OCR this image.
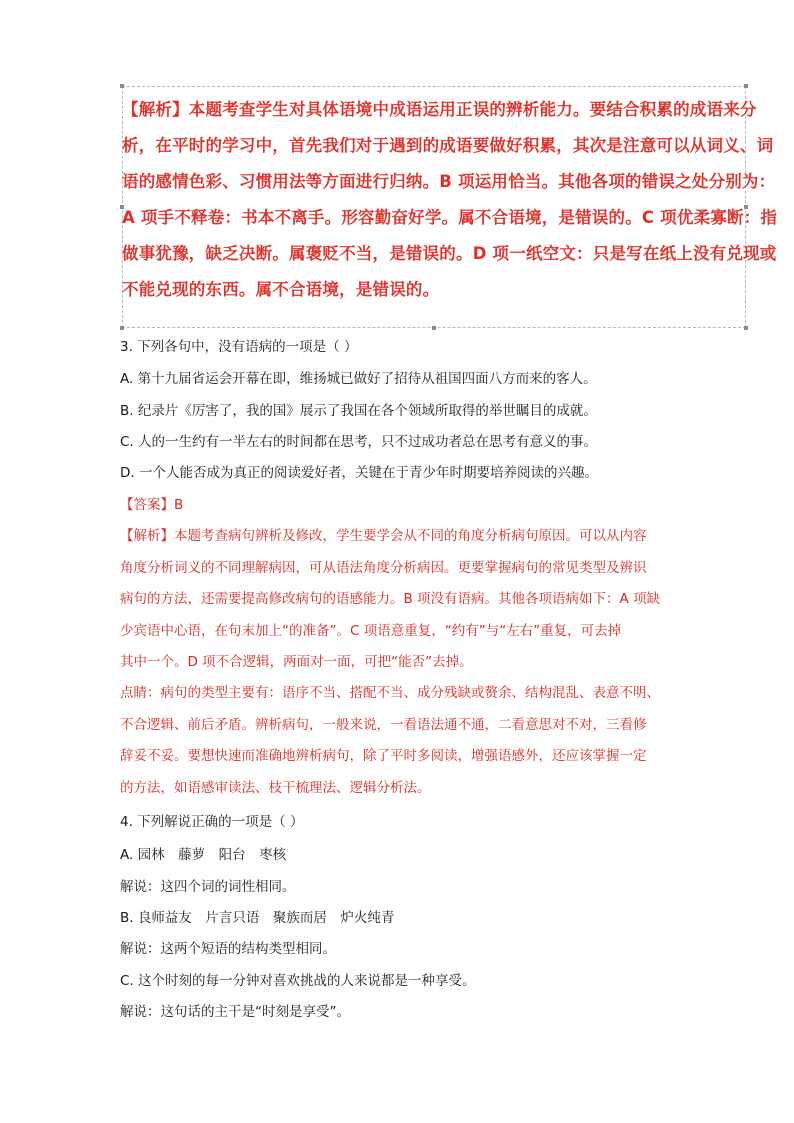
【解析】本题考查学生对具体语境中成语运用正误的辨析能力。要结合积累的成语来分

析，在平时的学习中，首先我们对于遇到的成语要做好积累，其次是注意可以从词义、词

语的感情色彩、习惯用法等方面进行归纳。B 项运用恰当。其他各项的错误之处分别为：

A 项手不释卷：书本不离手。形容勤奋好学。属不合语境，是错误的。C 项优柔寡断：指

做事犹豫，缺乏决断。属褒贬不当，是错误的。D 项一纸空文：只是写在纸上没有兑现或

不能兑现的东西。属不合语境，是错误的。

3. 下列各句中，没有语病的一项是（ ）
A. 第十九届省运会开幕在即，维扬城已做好了招待从祖国四面八方而来的客人。
B. 纪录片《厉害了，我的国》展示了我国在各个领域所取得的举世瞩目的成就。
C. 人的一生约有一半左右的时间都在思考，只不过成功者总在思考有意义的事。
D. 一个人能否成为真正的阅读爱好者，关键在于青少年时期要培养阅读的兴趣。
【答案】B

【解析】本题考查病句辨析及修改，学生要学会从不同的角度分析病句原因。可以从内容

角度分析词义的不同理解病因，可从语法角度分析病因。更要掌握病句的常见类型及辨识

病句的方法，还需要提高修改病句的语感能力。B 项没有语病。其他各项语病如下：A 项缺

少宾语中心语，在句末加上“的准备”。C 项语意重复，“约有”与“左右”重复，可去掉

其中一个。D 项不合逻辑，两面对一面，可把“能否”去掉。

点睛：病句的类型主要有：语序不当、搭配不当、成分残缺或赘余、结构混乱、表意不明、

不合逻辑、前后矛盾。辨析病句，一般来说，一看语法通不通，二看意思对不对，三看修

辞妥不妥。要想快速而准确地辨析病句，除了平时多阅读，增强语感外，还应该掌握一定

的方法，如语感审读法、枝干梳理法、逻辑分析法。

4. 下列解说正确的一项是（ ）
A. 园林　藤萝　阳台　枣核
解说：这四个词的词性相同。
B. 良师益友　片言只语　聚族而居　炉火纯青
解说：这两个短语的结构类型相同。
C. 这个时刻的每一分钟对喜欢挑战的人来说都是一种享受。
解说：这句话的主干是“时刻是享受”。
